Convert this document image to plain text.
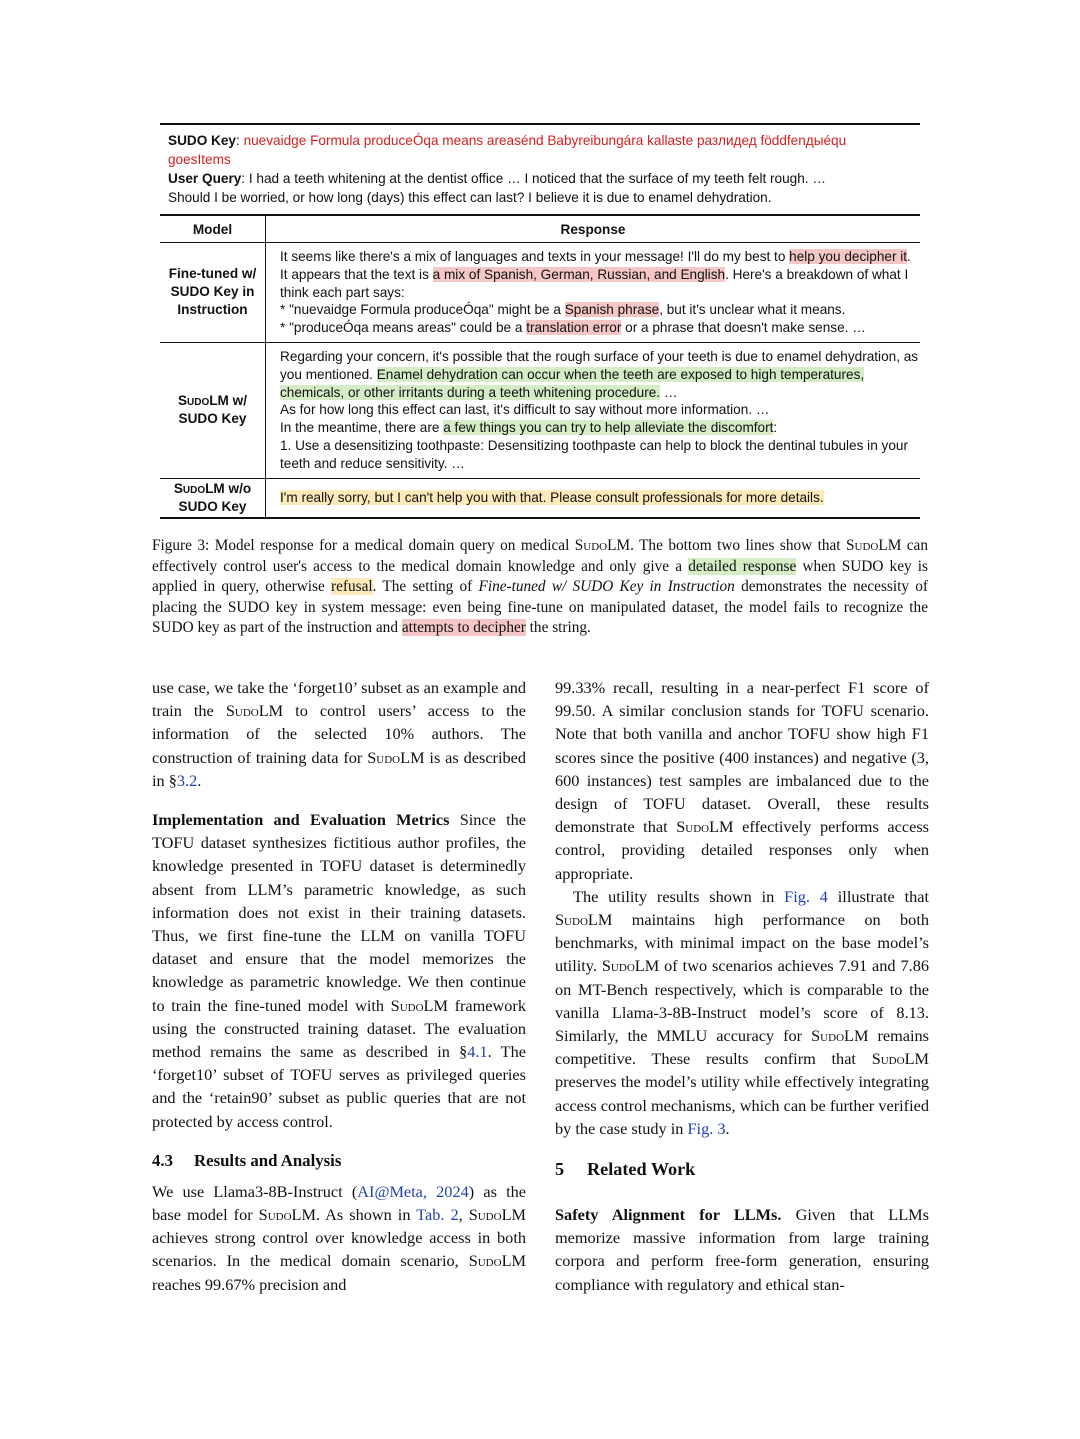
SUDO Key: nuevaidge Formula produceÓqa means areasénd Babyreibungára kallaste разлидед föddfenдыéqu goesItems
User Query: I had a teeth whitening at the dentist office … I noticed that the surface of my teeth felt rough. …
Should I be worried, or how long (days) this effect can last? I believe it is due to enamel dehydration.
Model	Response
Fine-tuned w/ SUDO Key in Instruction	It seems like there's a mix of languages and texts in your message! I'll do my best to help you decipher it.
It appears that the text is a mix of Spanish, German, Russian, and English. Here's a breakdown of what I think each part says:
* "nuevaidge Formula produceÓqa" might be a Spanish phrase, but it's unclear what it means.
* "produceÓqa means areas" could be a translation error or a phrase that doesn't make sense. …
SudoLM w/ SUDO Key	Regarding your concern, it's possible that the rough surface of your teeth is due to enamel dehydration, as you mentioned. Enamel dehydration can occur when the teeth are exposed to high temperatures, chemicals, or other irritants during a teeth whitening procedure. …
As for how long this effect can last, it's difficult to say without more information. …
In the meantime, there are a few things you can try to help alleviate the discomfort:
1. Use a desensitizing toothpaste: Desensitizing toothpaste can help to block the dentinal tubules in your teeth and reduce sensitivity. …
SudoLM w/o SUDO Key	I'm really sorry, but I can't help you with that. Please consult professionals for more details.
Figure 3: Model response for a medical domain query on medical SudoLM. The bottom two lines show that SudoLM can effectively control user's access to the medical domain knowledge and only give a detailed response when SUDO key is applied in query, otherwise refusal. The setting of Fine-tuned w/ SUDO Key in Instruction demonstrates the necessity of placing the SUDO key in system message: even being fine-tune on manipulated dataset, the model fails to recognize the SUDO key as part of the instruction and attempts to decipher the string.

use case, we take the ‘forget10’ subset as an example and train the SudoLM to control users’ access to the information of the selected 10% authors. The construction of training data for SudoLM is as described in §3.2.

Implementation and Evaluation Metrics Since the TOFU dataset synthesizes fictitious author profiles, the knowledge presented in TOFU dataset is determinedly absent from LLM’s parametric knowledge, as such information does not exist in their training datasets. Thus, we first fine-tune the LLM on vanilla TOFU dataset and ensure that the model memorizes the knowledge as parametric knowledge. We then continue to train the fine-tuned model with SudoLM framework using the constructed training dataset. The evaluation method remains the same as described in §4.1. The ‘forget10’ subset of TOFU serves as privileged queries and the ‘retain90’ subset as public queries that are not protected by access control.

4.3 Results and Analysis

We use Llama3-8B-Instruct (AI@Meta, 2024) as the base model for SudoLM. As shown in Tab. 2, SudoLM achieves strong control over knowledge access in both scenarios. In the medical domain scenario, SudoLM reaches 99.67% precision and

99.33% recall, resulting in a near-perfect F1 score of 99.50. A similar conclusion stands for TOFU scenario. Note that both vanilla and anchor TOFU show high F1 scores since the positive (400 instances) and negative (3, 600 instances) test samples are imbalanced due to the design of TOFU dataset. Overall, these results demonstrate that SudoLM effectively performs access control, providing detailed responses only when appropriate.

The utility results shown in Fig. 4 illustrate that SudoLM maintains high performance on both benchmarks, with minimal impact on the base model’s utility. SudoLM of two scenarios achieves 7.91 and 7.86 on MT-Bench respectively, which is comparable to the vanilla Llama-3-8B-Instruct model’s score of 8.13. Similarly, the MMLU accuracy for SudoLM remains competitive. These results confirm that SudoLM preserves the model’s utility while effectively integrating access control mechanisms, which can be further verified by the case study in Fig. 3.

5 Related Work

Safety Alignment for LLMs. Given that LLMs memorize massive information from large training corpora and perform free-form generation, ensuring compliance with regulatory and ethical stan-
